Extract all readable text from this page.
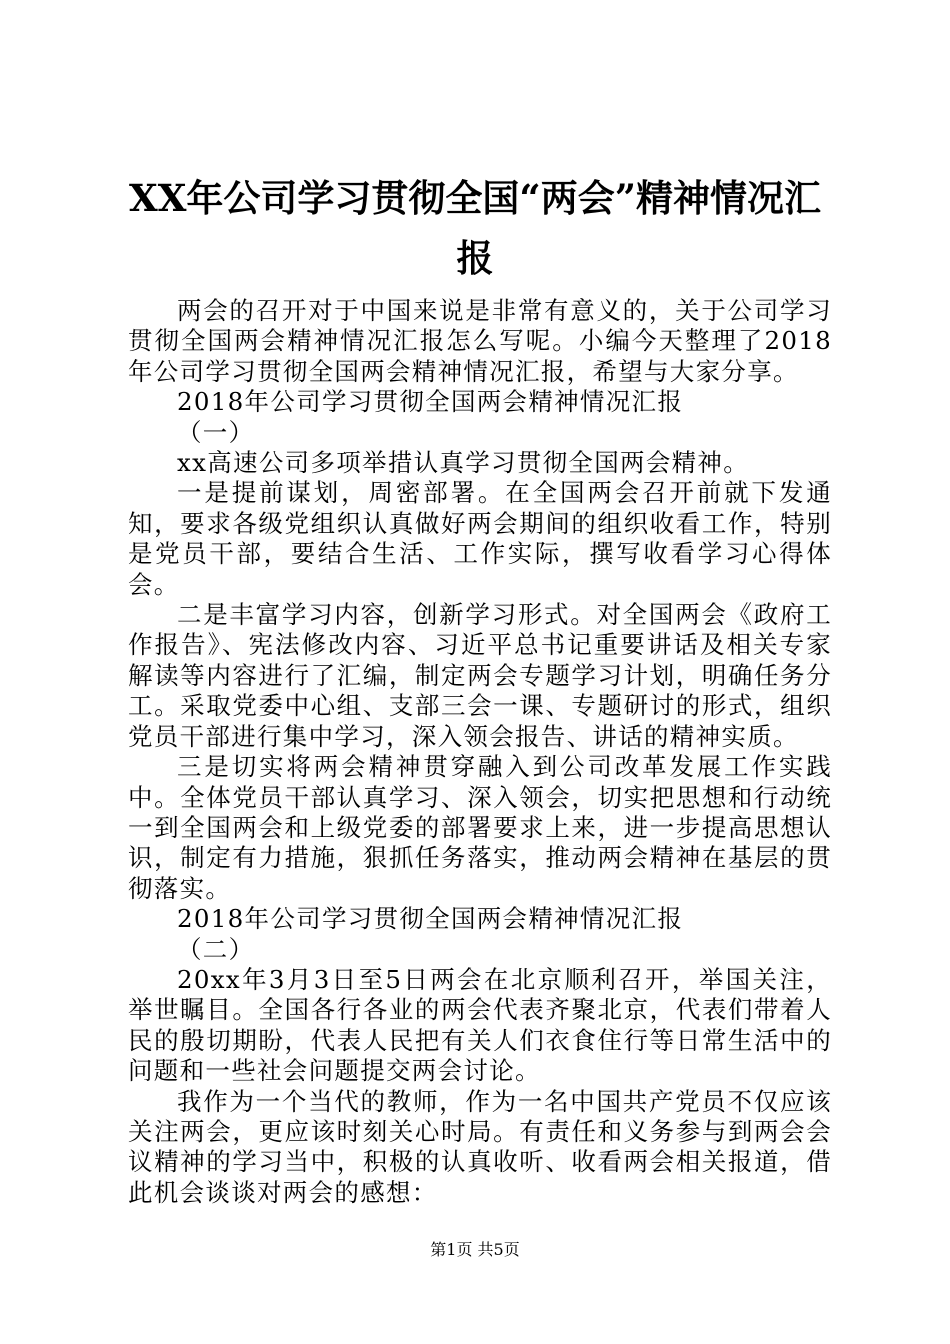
XX年公司学习贯彻全国“两会”精神情况汇报

两会的召开对于中国来说是非常有意义的，关于公司学习贯彻全国两会精神情况汇报怎么写呢。小编今天整理了2018年公司学习贯彻全国两会精神情况汇报，希望与大家分享。

2018年公司学习贯彻全国两会精神情况汇报

（一）

xx高速公司多项举措认真学习贯彻全国两会精神。

一是提前谋划，周密部署。在全国两会召开前就下发通知，要求各级党组织认真做好两会期间的组织收看工作，特别是党员干部，要结合生活、工作实际，撰写收看学习心得体会。

二是丰富学习内容，创新学习形式。对全国两会《政府工作报告》、宪法修改内容、习近平总书记重要讲话及相关专家解读等内容进行了汇编，制定两会专题学习计划，明确任务分工。采取党委中心组、支部三会一课、专题研讨的形式，组织党员干部进行集中学习，深入领会报告、讲话的精神实质。

三是切实将两会精神贯穿融入到公司改革发展工作实践中。全体党员干部认真学习、深入领会，切实把思想和行动统一到全国两会和上级党委的部署要求上来，进一步提高思想认识，制定有力措施，狠抓任务落实，推动两会精神在基层的贯彻落实。

2018年公司学习贯彻全国两会精神情况汇报

（二）

20xx年3月3日至5日两会在北京顺利召开，举国关注，举世瞩目。全国各行各业的两会代表齐聚北京，代表们带着人民的殷切期盼，代表人民把有关人们衣食住行等日常生活中的问题和一些社会问题提交两会讨论。

我作为一个当代的教师，作为一名中国共产党员不仅应该关注两会，更应该时刻关心时局。有责任和义务参与到两会会议精神的学习当中，积极的认真收听、收看两会相关报道，借此机会谈谈对两会的感想：

第1页 共5页
